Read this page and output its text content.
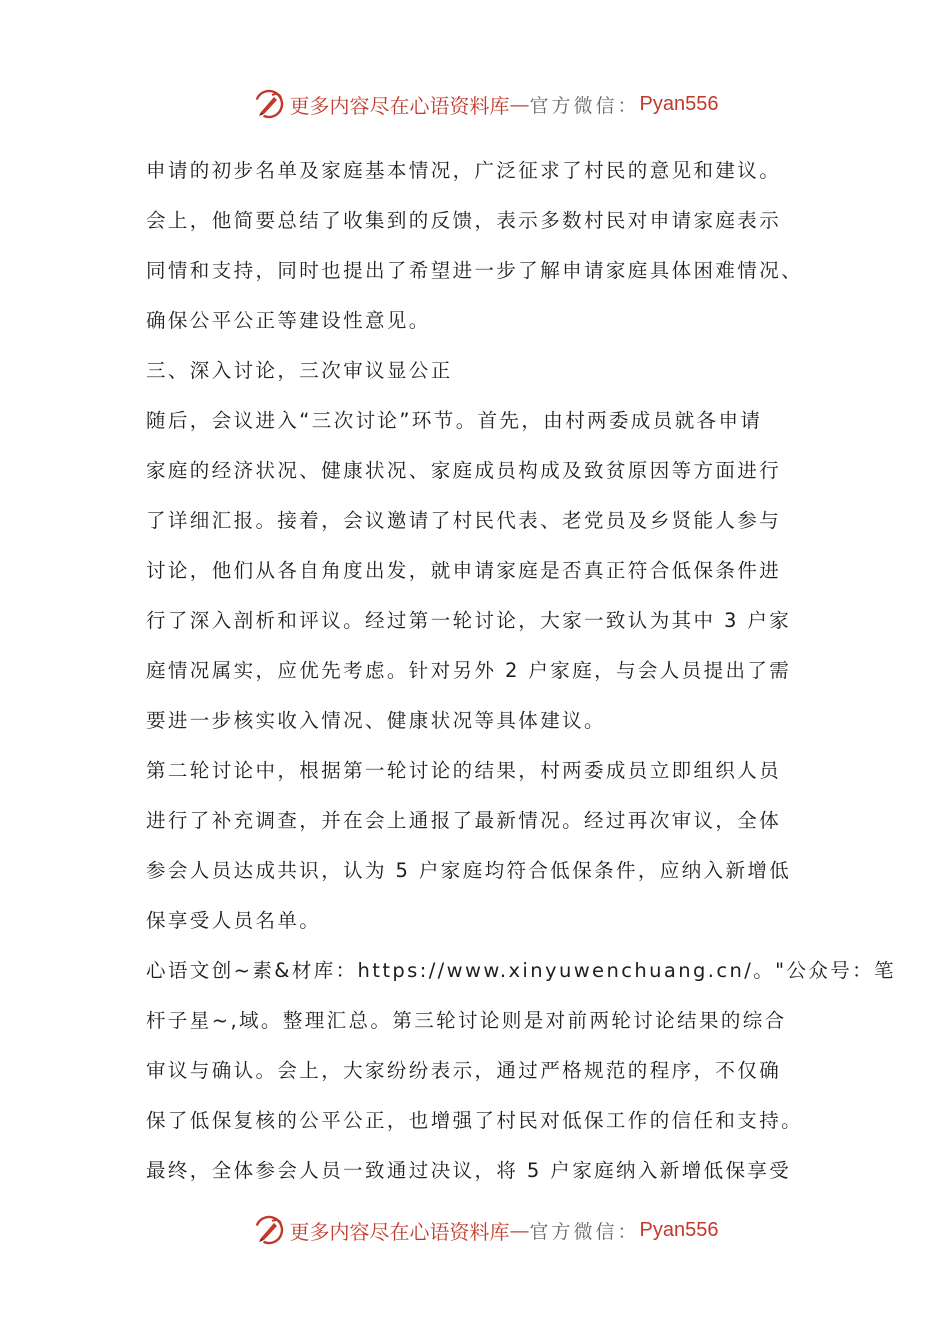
更多内容尽在心语资料库 — 官方微信： Pyan556
申请的初步名单及家庭基本情况，广泛征求了村民的意见和建议。
会上，他简要总结了收集到的反馈，表示多数村民对申请家庭表示
同情和支持，同时也提出了希望进一步了解申请家庭具体困难情况、
确保公平公正等建设性意见。
三、深入讨论，三次审议显公正
随后，会议进入“三次讨论”环节。首先，由村两委成员就各申请
家庭的经济状况、健康状况、家庭成员构成及致贫原因等方面进行
了详细汇报。接着，会议邀请了村民代表、老党员及乡贤能人参与
讨论，他们从各自角度出发，就申请家庭是否真正符合低保条件进
行了深入剖析和评议。经过第一轮讨论，大家一致认为其中 3 户家
庭情况属实，应优先考虑。针对另外 2 户家庭，与会人员提出了需
要进一步核实收入情况、健康状况等具体建议。
第二轮讨论中，根据第一轮讨论的结果，村两委成员立即组织人员
进行了补充调查，并在会上通报了最新情况。经过再次审议，全体
参会人员达成共识，认为 5 户家庭均符合低保条件，应纳入新增低
保享受人员名单。
心语文创~素&材库：https://www.xinyuwenchuang.cn/。"公众号：笔
杆子星~,域。整理汇总。第三轮讨论则是对前两轮讨论结果的综合
审议与确认。会上，大家纷纷表示，通过严格规范的程序，不仅确
保了低保复核的公平公正，也增强了村民对低保工作的信任和支持。
最终，全体参会人员一致通过决议，将 5 户家庭纳入新增低保享受
更多内容尽在心语资料库 — 官方微信： Pyan556
